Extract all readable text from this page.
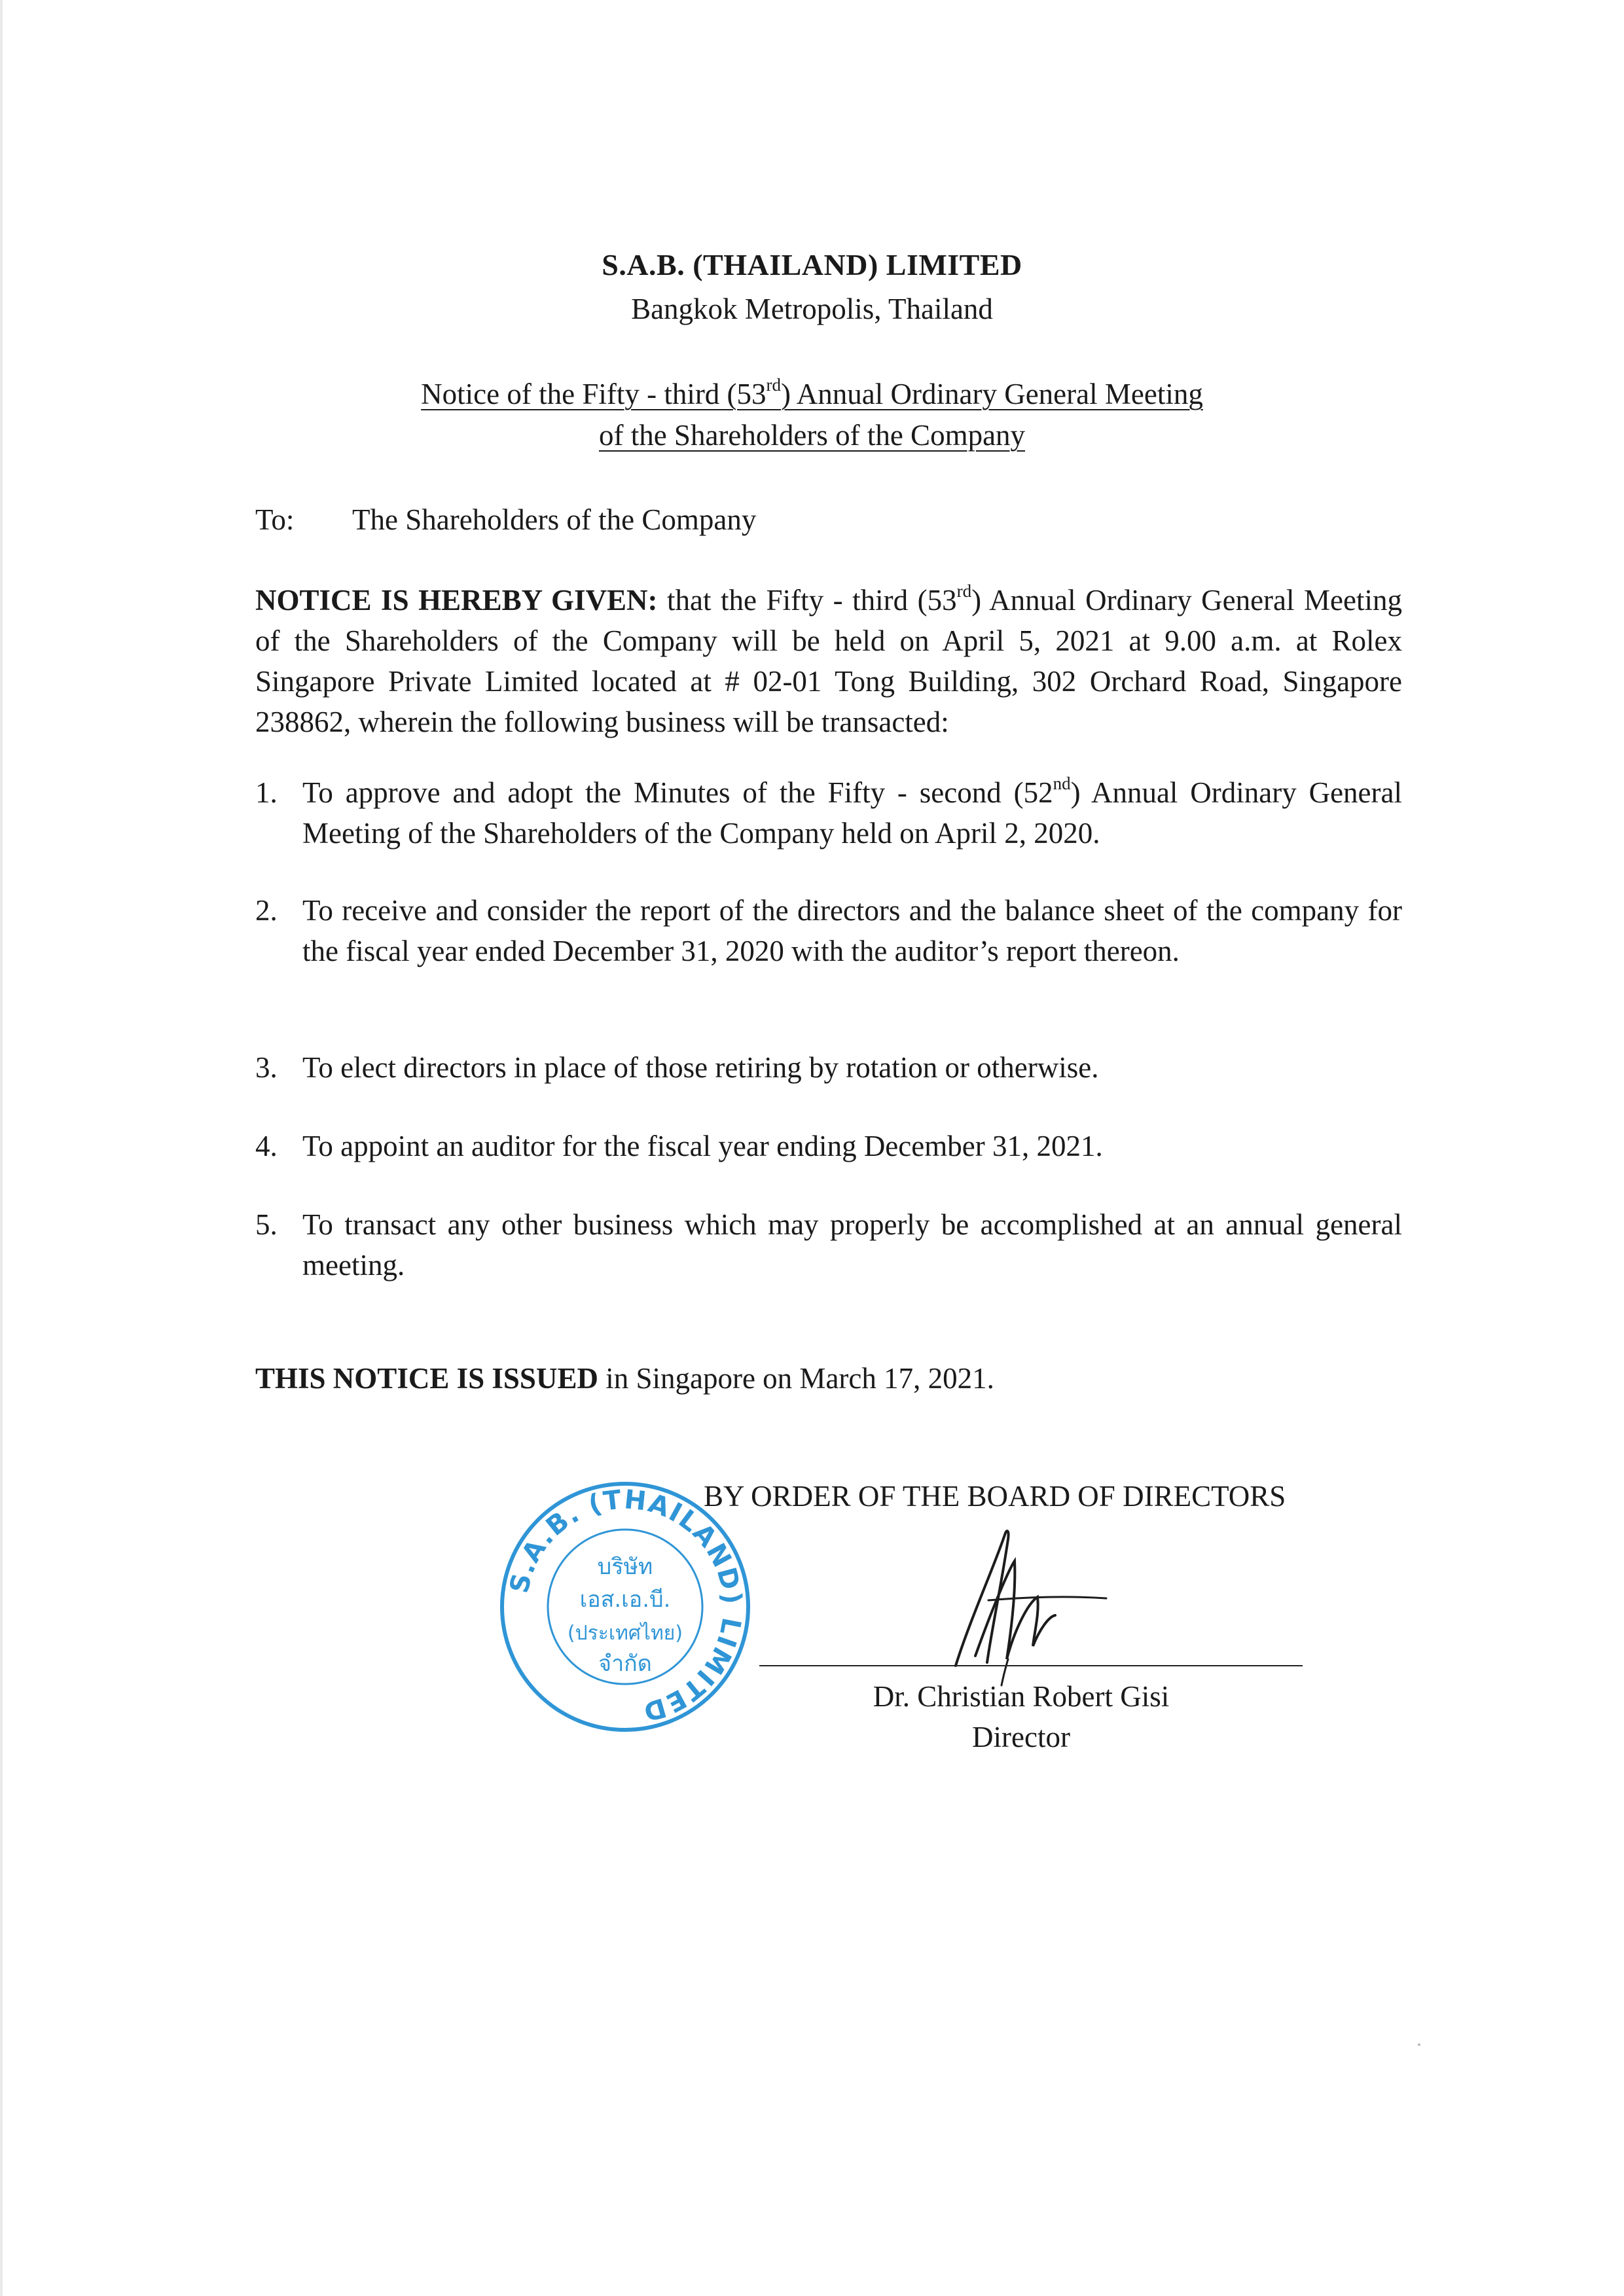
S.A.B. (THAILAND) LIMITED
Bangkok Metropolis, Thailand
Notice of the Fifty - third (53rd) Annual Ordinary General Meeting
of the Shareholders of the Company
To: The Shareholders of the Company
NOTICE IS HEREBY GIVEN: that the Fifty - third (53rd) Annual Ordinary General Meeting of the Shareholders of the Company will be held on April 5, 2021 at 9.00 a.m. at Rolex Singapore Private Limited located at # 02-01 Tong Building, 302 Orchard Road, Singapore 238862, wherein the following business will be transacted:
1. To approve and adopt the Minutes of the Fifty - second (52nd) Annual Ordinary General Meeting of the Shareholders of the Company held on April 2, 2020.
2. To receive and consider the report of the directors and the balance sheet of the company for the fiscal year ended December 31, 2020 with the auditor’s report thereon.
3. To elect directors in place of those retiring by rotation or otherwise.
4. To appoint an auditor for the fiscal year ending December 31, 2021.
5. To transact any other business which may properly be accomplished at an annual general meeting.
THIS NOTICE IS ISSUED in Singapore on March 17, 2021.
BY ORDER OF THE BOARD OF DIRECTORS
S.A.B. (THAILAND) LIMITED
บริษัท
เอส.เอ.บี.
(ประเทศไทย)
จำกัด
Dr. Christian Robert Gisi
Director
